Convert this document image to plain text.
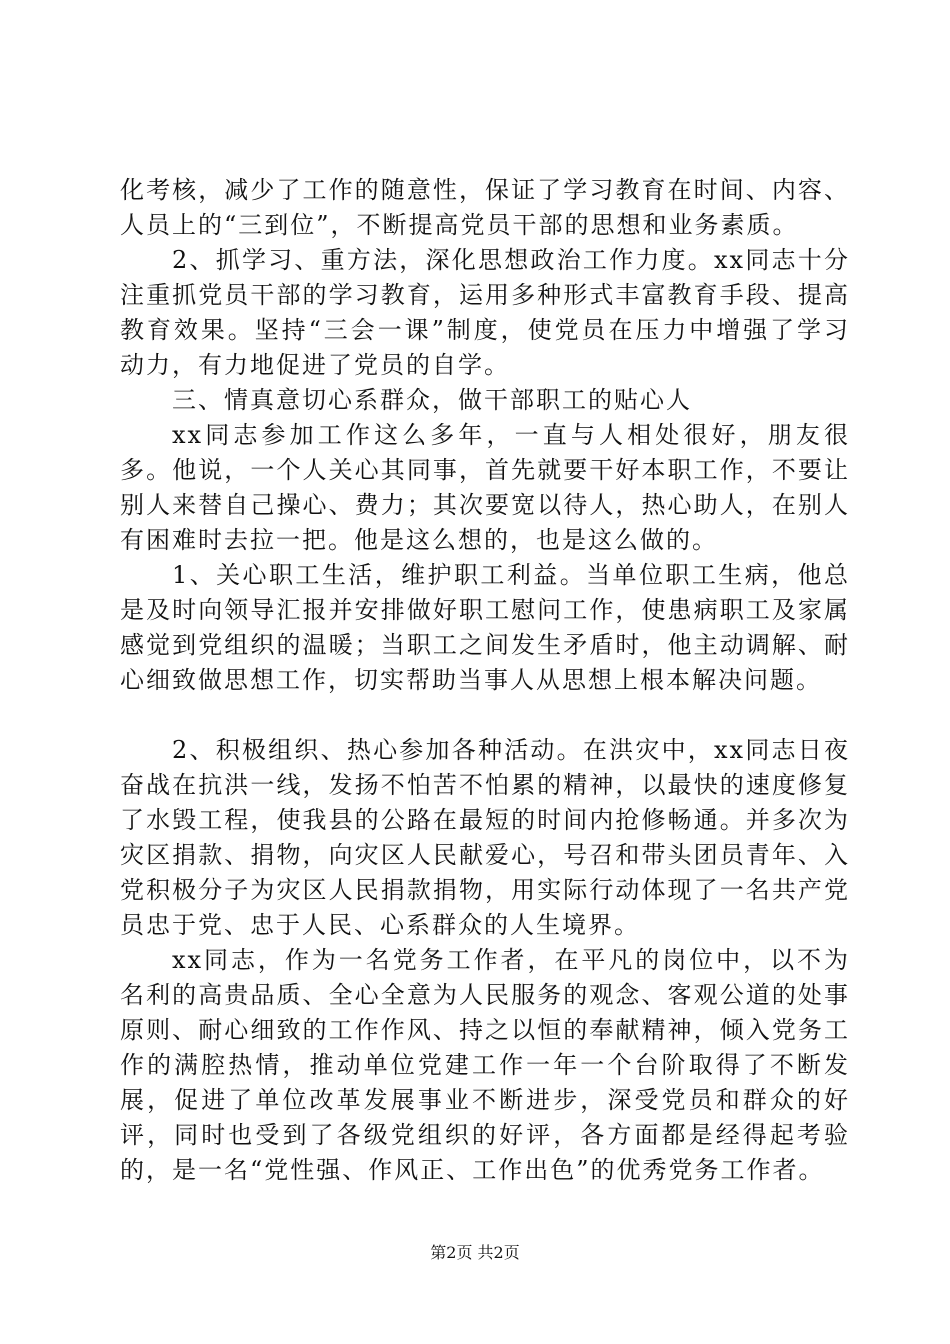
化考核，减少了工作的随意性，保证了学习教育在时间、内容、人员上的“三到位”，不断提高党员干部的思想和业务素质。

2、抓学习、重方法，深化思想政治工作力度。xx同志十分注重抓党员干部的学习教育，运用多种形式丰富教育手段、提高教育效果。坚持“三会一课”制度，使党员在压力中增强了学习动力，有力地促进了党员的自学。

三、情真意切心系群众，做干部职工的贴心人

xx同志参加工作这么多年，一直与人相处很好，朋友很多。他说，一个人关心其同事，首先就要干好本职工作，不要让别人来替自己操心、费力；其次要宽以待人，热心助人，在别人有困难时去拉一把。他是这么想的，也是这么做的。

1、关心职工生活，维护职工利益。当单位职工生病，他总是及时向领导汇报并安排做好职工慰问工作，使患病职工及家属感觉到党组织的温暖；当职工之间发生矛盾时，他主动调解、耐心细致做思想工作，切实帮助当事人从思想上根本解决问题。

2、积极组织、热心参加各种活动。在洪灾中，xx同志日夜奋战在抗洪一线，发扬不怕苦不怕累的精神，以最快的速度修复了水毁工程，使我县的公路在最短的时间内抢修畅通。并多次为灾区捐款、捐物，向灾区人民献爱心，号召和带头团员青年、入党积极分子为灾区人民捐款捐物，用实际行动体现了一名共产党员忠于党、忠于人民、心系群众的人生境界。

xx同志，作为一名党务工作者，在平凡的岗位中，以不为名利的高贵品质、全心全意为人民服务的观念、客观公道的处事原则、耐心细致的工作作风、持之以恒的奉献精神，倾入党务工作的满腔热情，推动单位党建工作一年一个台阶取得了不断发展，促进了单位改革发展事业不断进步，深受党员和群众的好评，同时也受到了各级党组织的好评，各方面都是经得起考验的，是一名“党性强、作风正、工作出色”的优秀党务工作者。

第2页 共2页
